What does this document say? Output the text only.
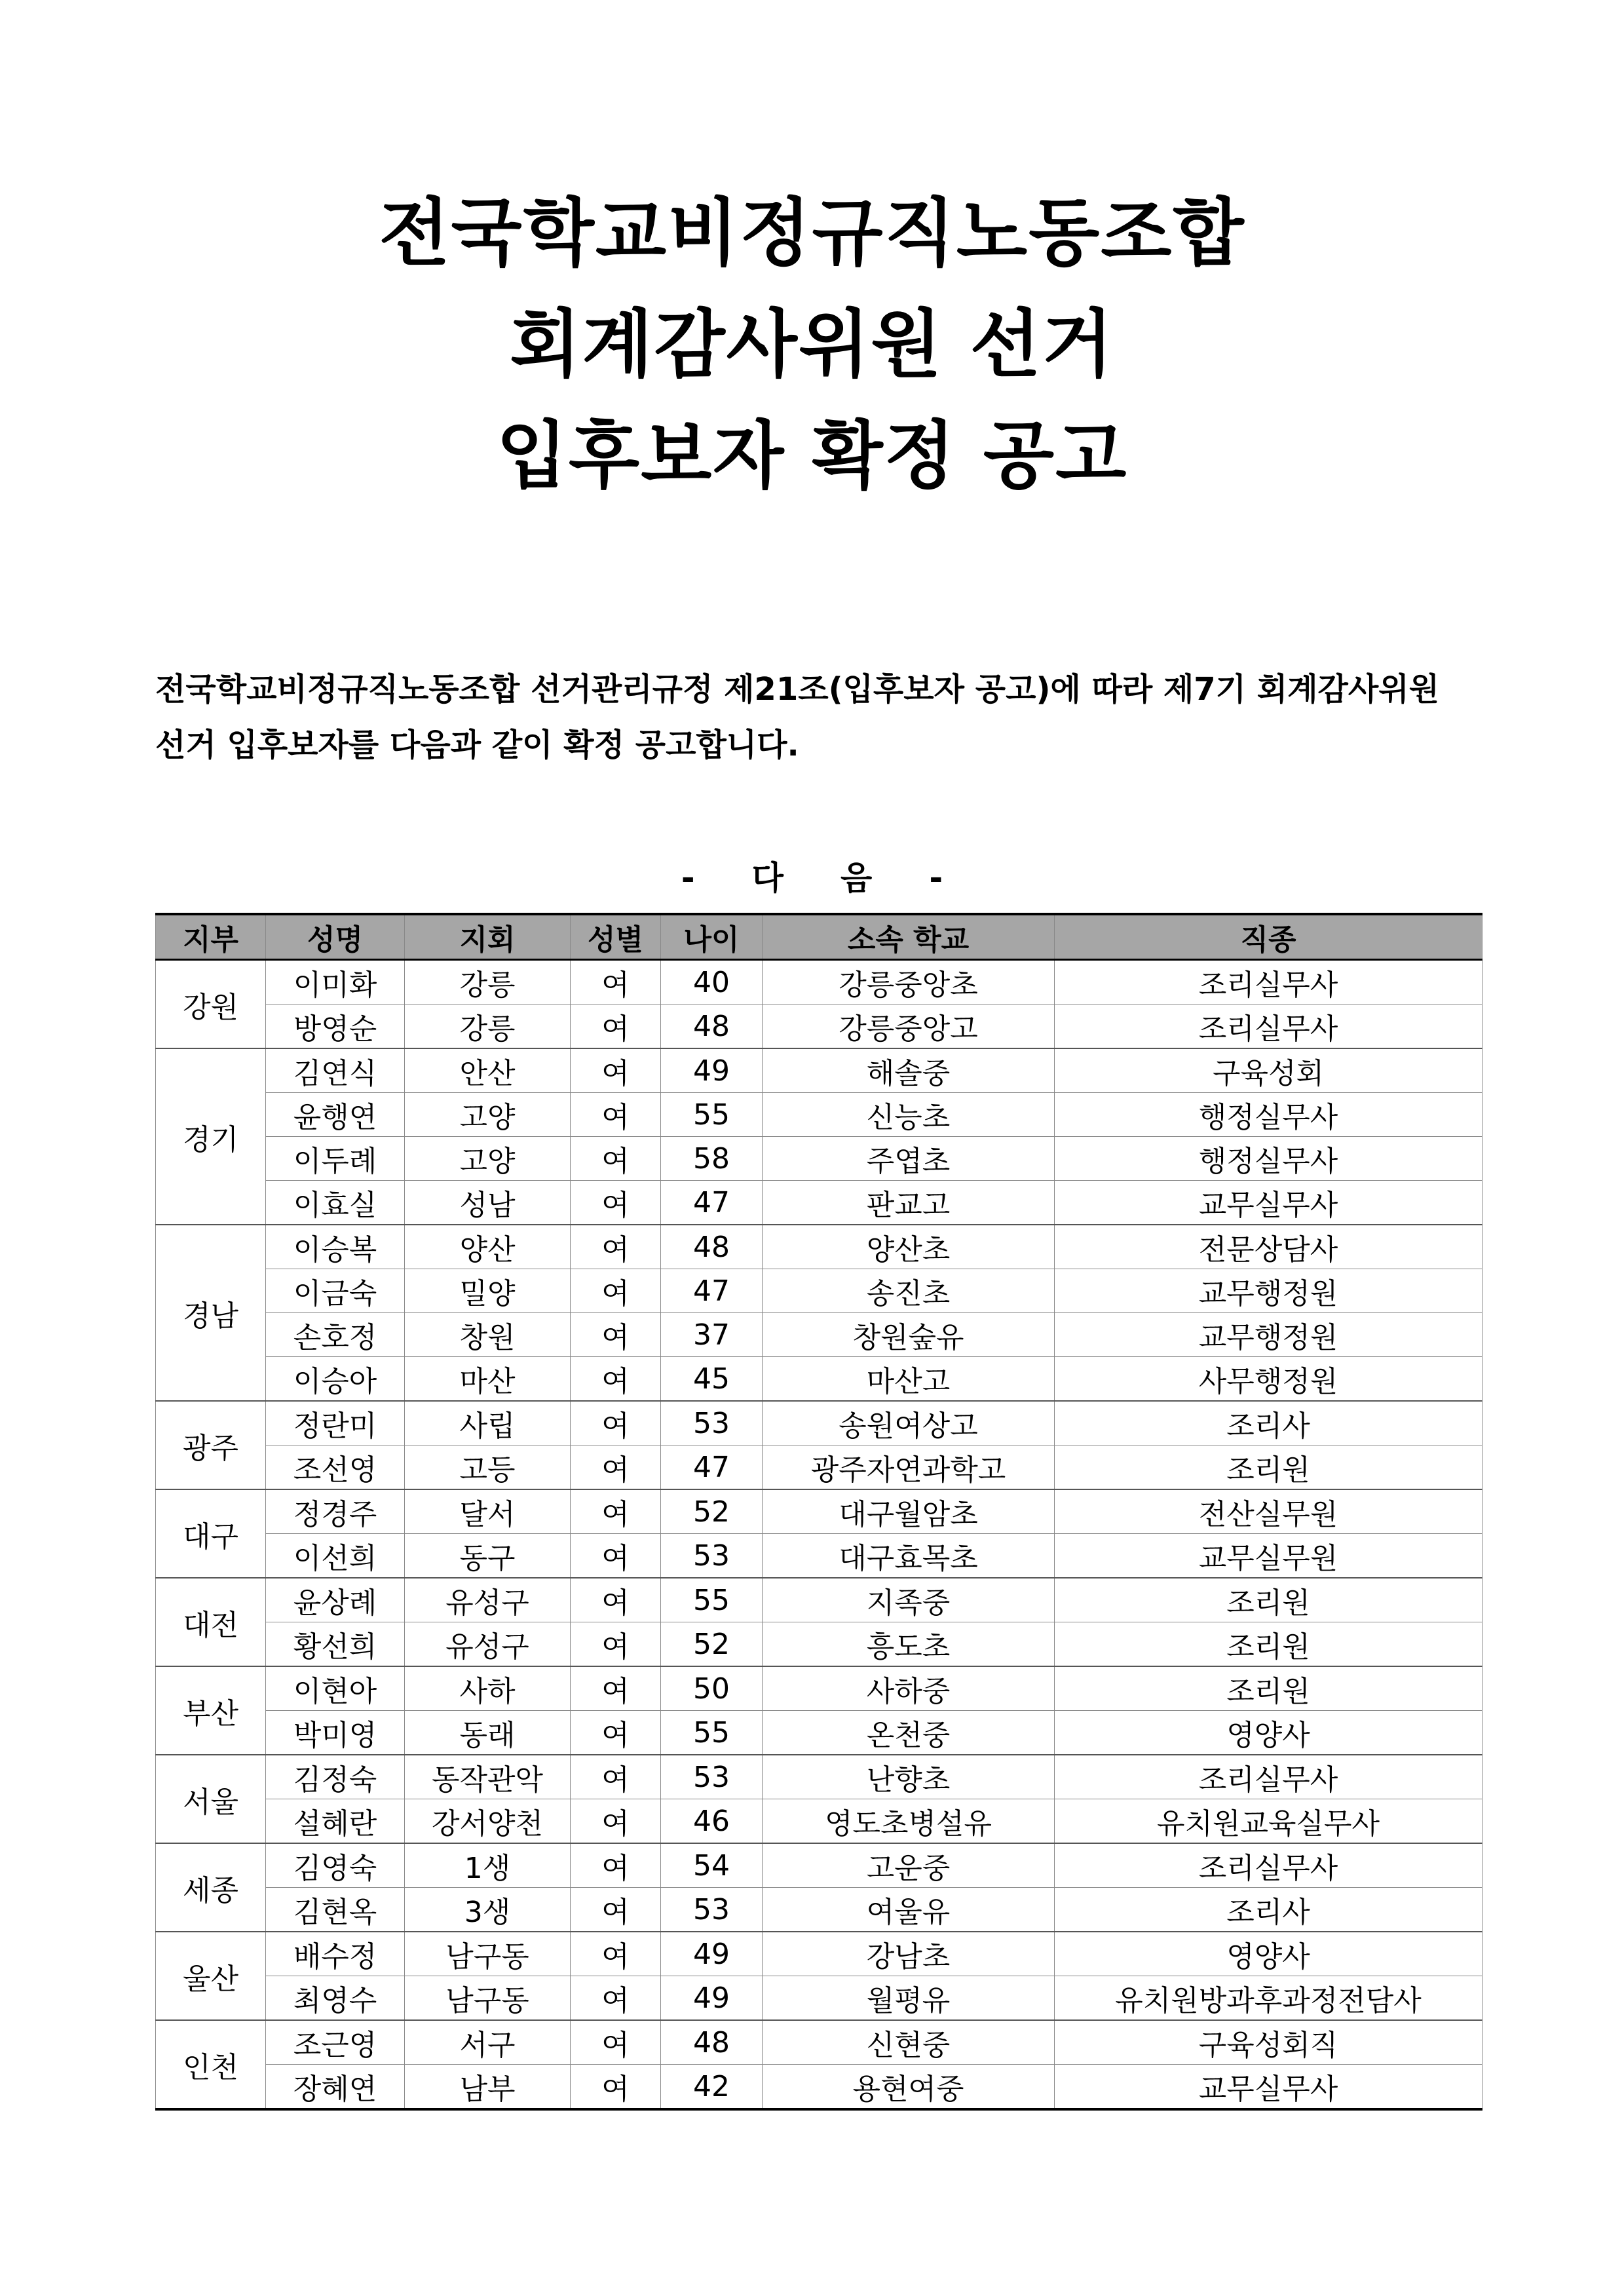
전국학교비정규직노동조합
회계감사위원 선거
입후보자 확정 공고
전국학교비정규직노동조합 선거관리규정 제21조(입후보자 공고)에 따라 제7기 회계감사위원
선거 입후보자를 다음과 같이 확정 공고합니다.
-     다     음     -
지부	성명	지회	성별	나이	소속 학교	직종
강원	이미화	강릉	여	40	강릉중앙초	조리실무사
	방영순	강릉	여	48	강릉중앙고	조리실무사
경기	김연식	안산	여	49	해솔중	구육성회
	윤행연	고양	여	55	신능초	행정실무사
	이두례	고양	여	58	주엽초	행정실무사
	이효실	성남	여	47	판교고	교무실무사
경남	이승복	양산	여	48	양산초	전문상담사
	이금숙	밀양	여	47	송진초	교무행정원
	손호정	창원	여	37	창원숲유	교무행정원
	이승아	마산	여	45	마산고	사무행정원
광주	정란미	사립	여	53	송원여상고	조리사
	조선영	고등	여	47	광주자연과학고	조리원
대구	정경주	달서	여	52	대구월암초	전산실무원
	이선희	동구	여	53	대구효목초	교무실무원
대전	윤상례	유성구	여	55	지족중	조리원
	황선희	유성구	여	52	흥도초	조리원
부산	이현아	사하	여	50	사하중	조리원
	박미영	동래	여	55	온천중	영양사
서울	김정숙	동작관악	여	53	난향초	조리실무사
	설혜란	강서양천	여	46	영도초병설유	유치원교육실무사
세종	김영숙	1생	여	54	고운중	조리실무사
	김현옥	3생	여	53	여울유	조리사
울산	배수정	남구동	여	49	강남초	영양사
	최영수	남구동	여	49	월평유	유치원방과후과정전담사
인천	조근영	서구	여	48	신현중	구육성회직
	장혜연	남부	여	42	용현여중	교무실무사
